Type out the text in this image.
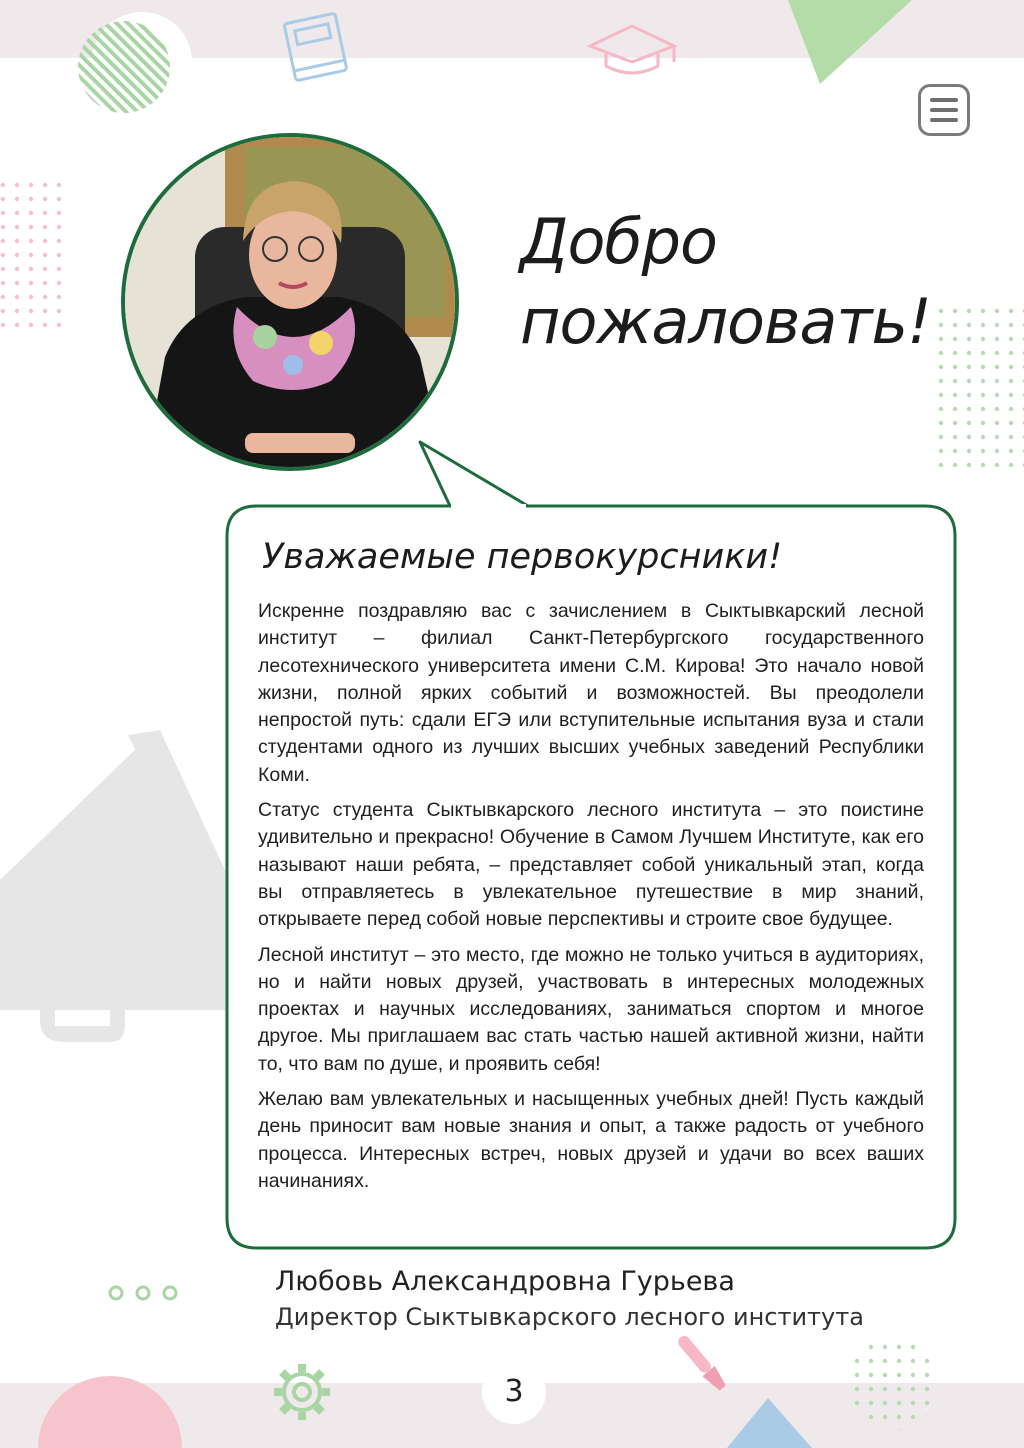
Добро
пожаловать!
Уважаемые первокурсники!

Искренне поздравляю вас с зачислением в Сыктывкарский лесной институт – филиал Санкт-Петербургского государственного лесотехнического университета имени С.М. Кирова! Это начало новой жизни, полной ярких событий и возможностей. Вы преодолели непростой путь: сдали ЕГЭ или вступительные испытания вуза и стали студентами одного из лучших высших учебных заведений Республики Коми.

Статус студента Сыктывкарского лесного института – это поистине удивительно и прекрасно! Обучение в Самом Лучшем Институте, как его называют наши ребята, – представляет собой уникальный этап, когда вы отправляетесь в увлекательное путешествие в мир знаний, открываете перед собой новые перспективы и строите свое будущее.

Лесной институт – это место, где можно не только учиться в аудиториях, но и найти новых друзей, участвовать в интересных молодежных проектах и научных исследованиях, заниматься спортом и многое другое. Мы приглашаем вас стать частью нашей активной жизни, найти то, что вам по душе, и проявить себя!

Желаю вам увлекательных и насыщенных учебных дней! Пусть каждый день приносит вам новые знания и опыт, а также радость от учебного процесса. Интересных встреч, новых друзей и удачи во всех ваших начинаниях.

Любовь Александровна Гурьева
Директор Сыктывкарского лесного института
3
